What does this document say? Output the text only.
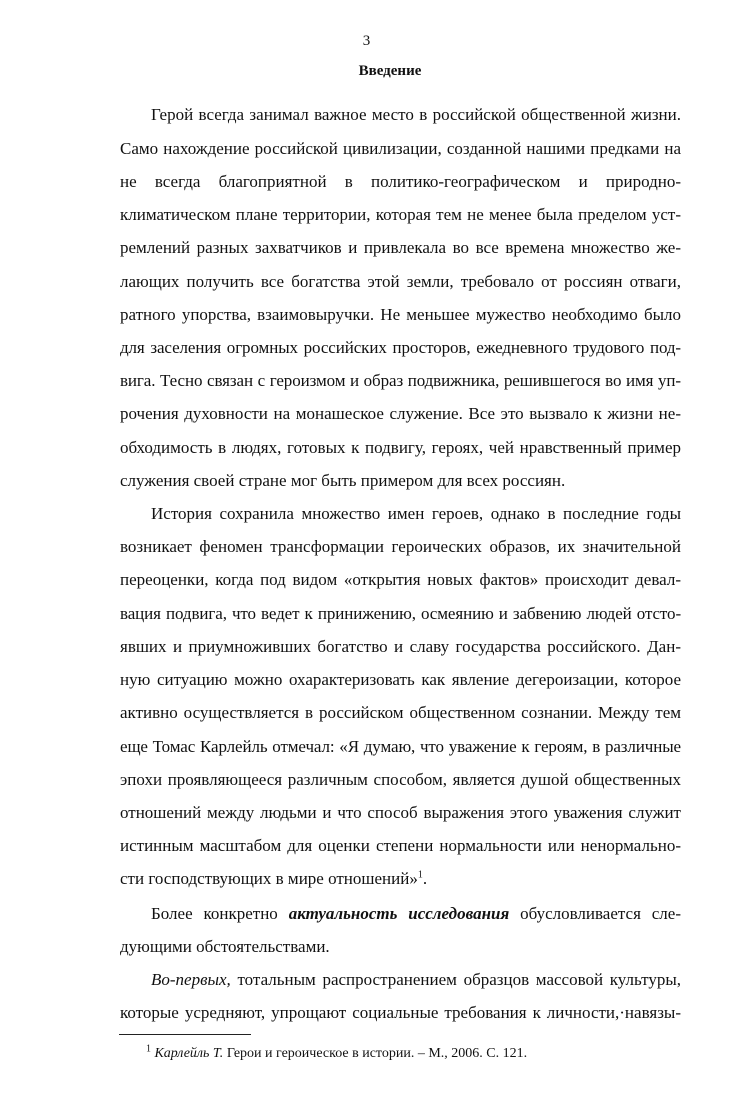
3
Введение
Герой всегда занимал важное место в российской общественной жизни.
Само нахождение российской цивилизации, созданной нашими предками на
не всегда благоприятной в политико-географическом и природно-
климатическом плане территории, которая тем не менее была пределом уст-
ремлений разных захватчиков и привлекала во все времена множество же-
лающих получить все богатства этой земли, требовало от россиян отваги,
ратного упорства, взаимовыручки. Не меньшее мужество необходимо было
для заселения огромных российских просторов, ежедневного трудового под-
вига. Тесно связан с героизмом и образ подвижника, решившегося во имя уп-
рочения духовности на монашеское служение. Все это вызвало к жизни не-
обходимость в людях, готовых к подвигу, героях, чей нравственный пример
служения своей стране мог быть примером для всех россиян.
История сохранила множество имен героев, однако в последние годы
возникает феномен трансформации героических образов, их значительной
переоценки, когда под видом «открытия новых фактов» происходит девал-
вация подвига, что ведет к принижению, осмеянию и забвению людей отсто-
явших и приумноживших богатство и славу государства российского. Дан-
ную ситуацию можно охарактеризовать как явление дегероизации, которое
активно осуществляется в российском общественном сознании. Между тем
еще Томас Карлейль отмечал: «Я думаю, что уважение к героям, в различные
эпохи проявляющееся различным способом, является душой общественных
отношений между людьми и что способ выражения этого уважения служит
истинным масштабом для оценки степени нормальности или ненормально-
сти господствующих в мире отношений»$^1$.
Более конкретно актуальность исследования обусловливается сле-
дующими обстоятельствами.
Во-первых, тотальным распространением образцов массовой культуры,
которые усредняют, упрощают социальные требования к личности,·навязы-
$^1$ Карлейль Т. Герои и героическое в истории. – М., 2006. С. 121.
